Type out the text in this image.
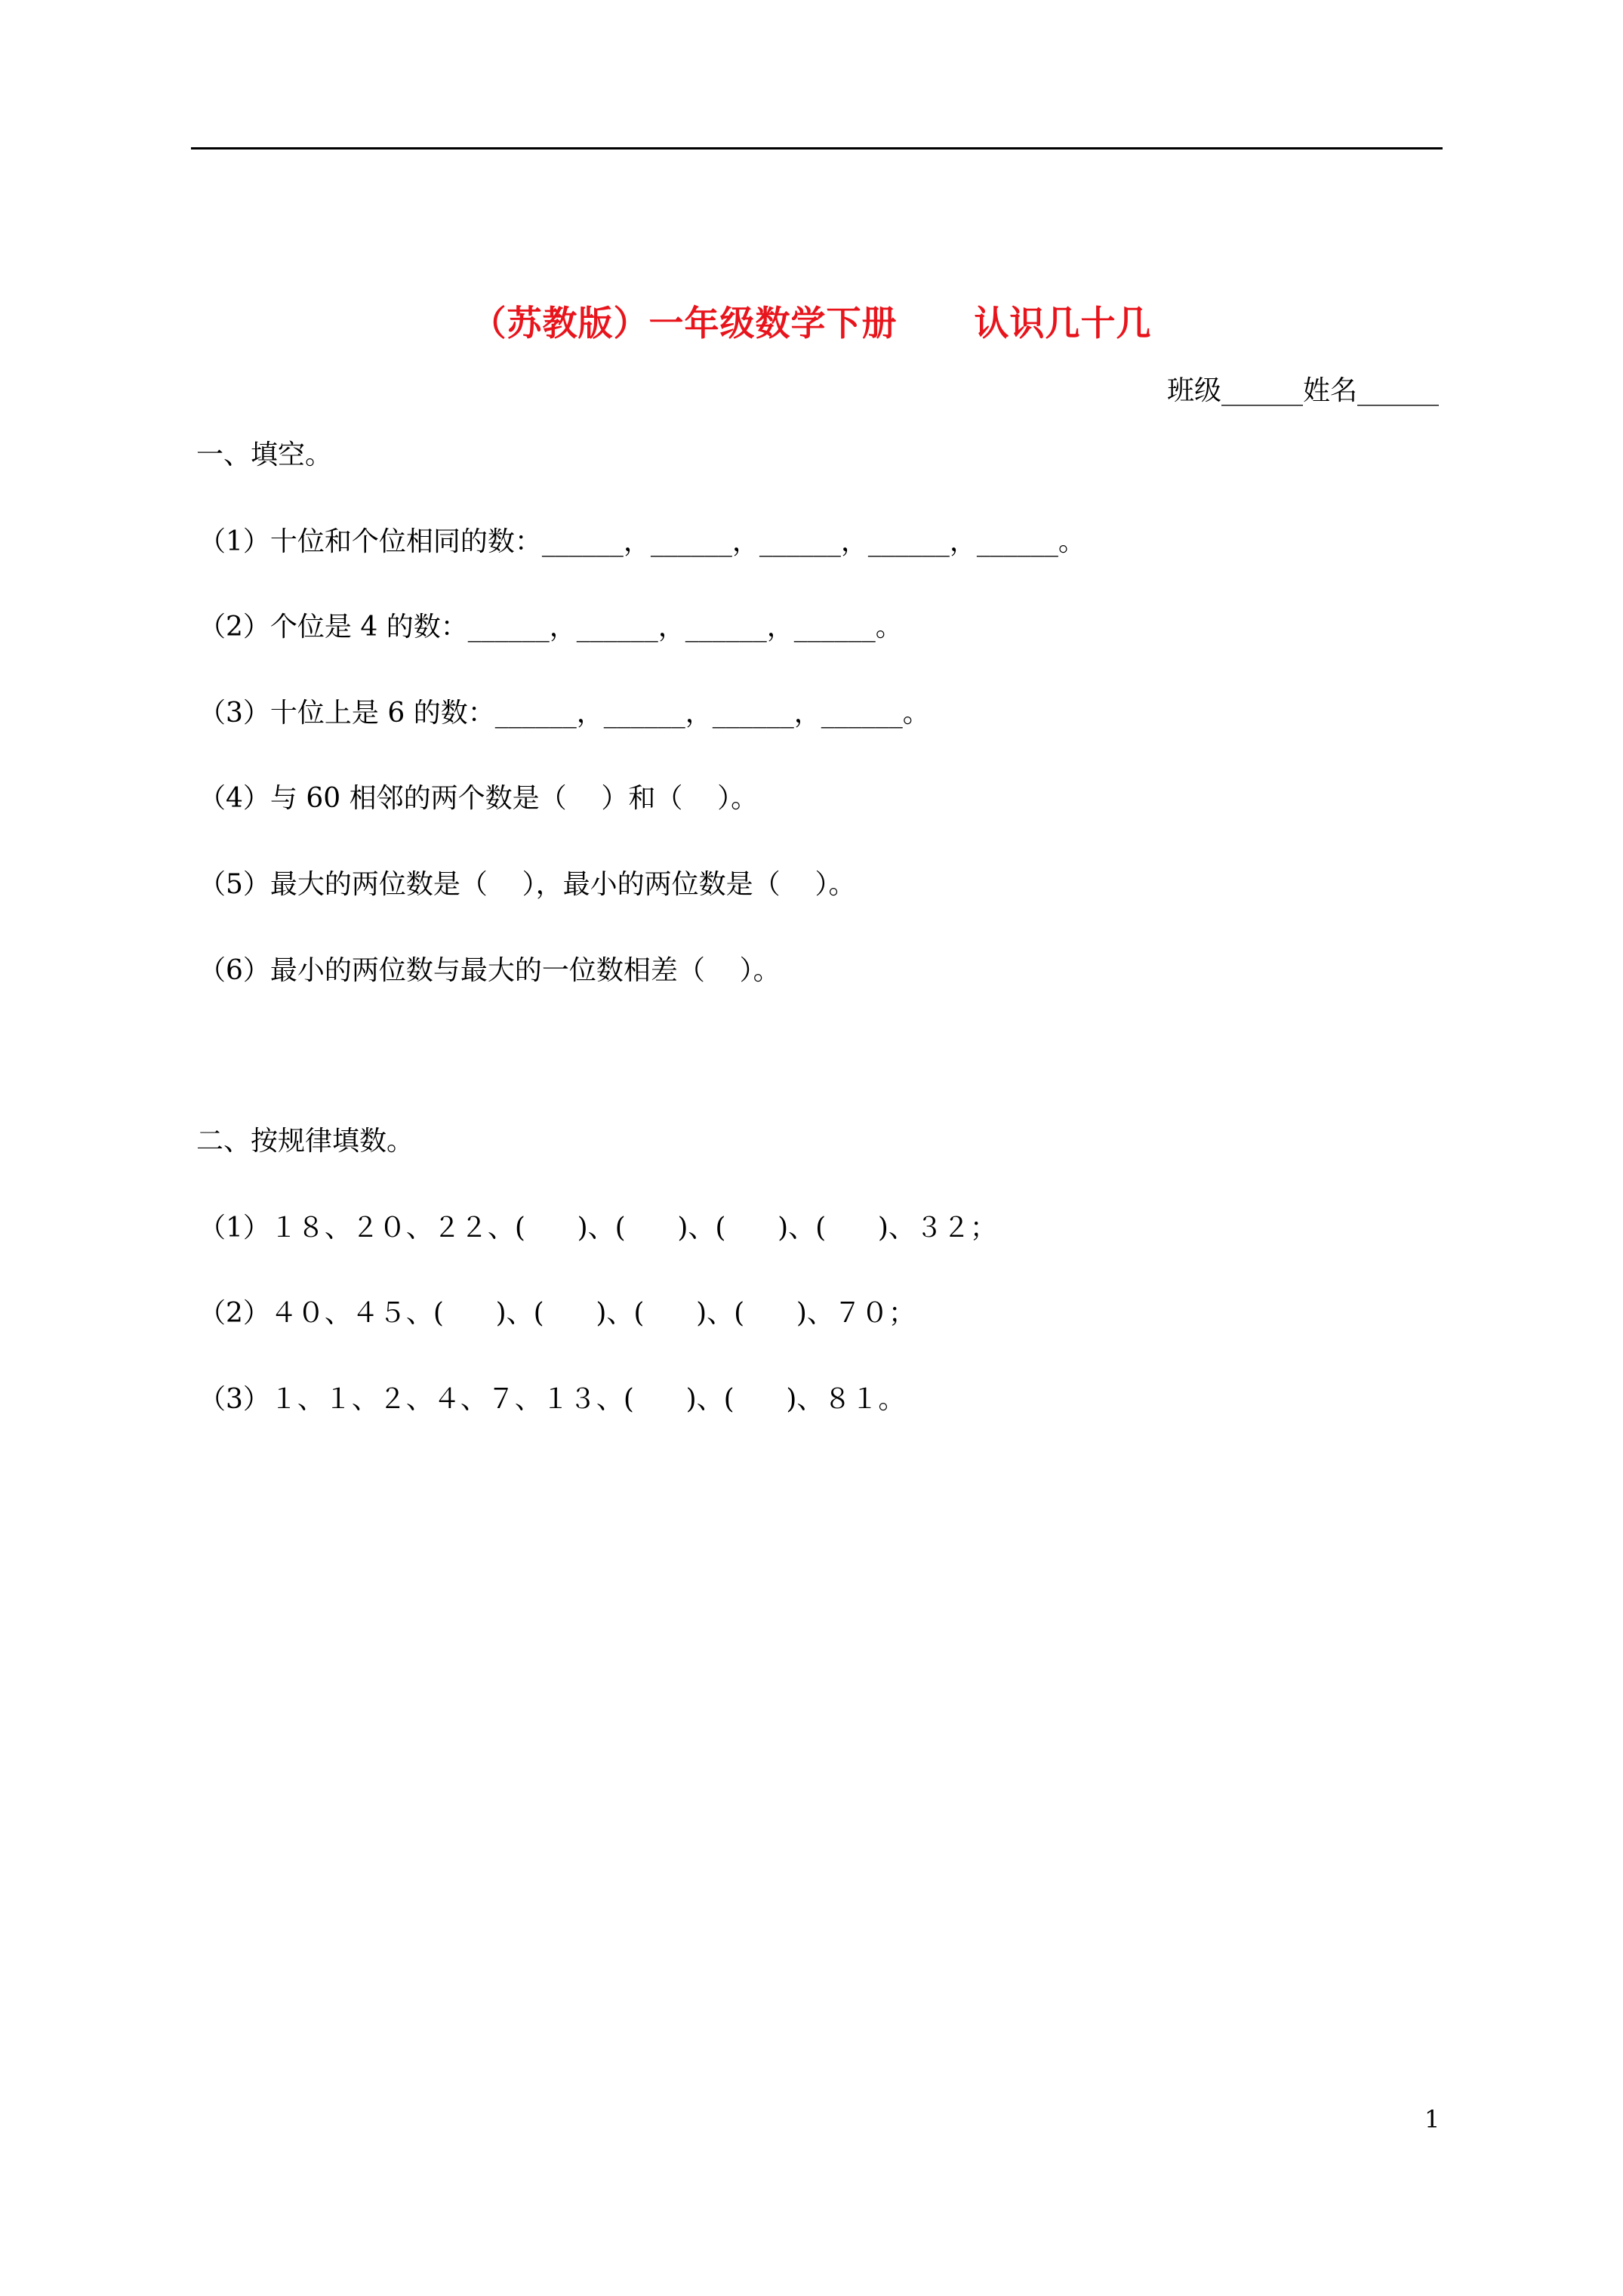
（苏教版）一年级数学下册      认识几十几
班级______姓名______
一、填空。
（1）十位和个位相同的数：______，______，______，______，______。
（2）个位是 4 的数：______，______，______，______。
（3）十位上是 6 的数：______，______，______，______。
（4）与 60 相邻的两个数是（    ）和（    ）。
（5）最大的两位数是（    ），最小的两位数是（    ）。
（6）最小的两位数与最大的一位数相差（    ）。
二、按规律填数。
（1）１８、２０、２２、(      )、(      )、(      )、(      )、３２；
（2）４０、４５、(      )、(      )、(      )、(      )、７０；
（3）１、１、２、４、７、１３、(      )、(      )、８１。
1
